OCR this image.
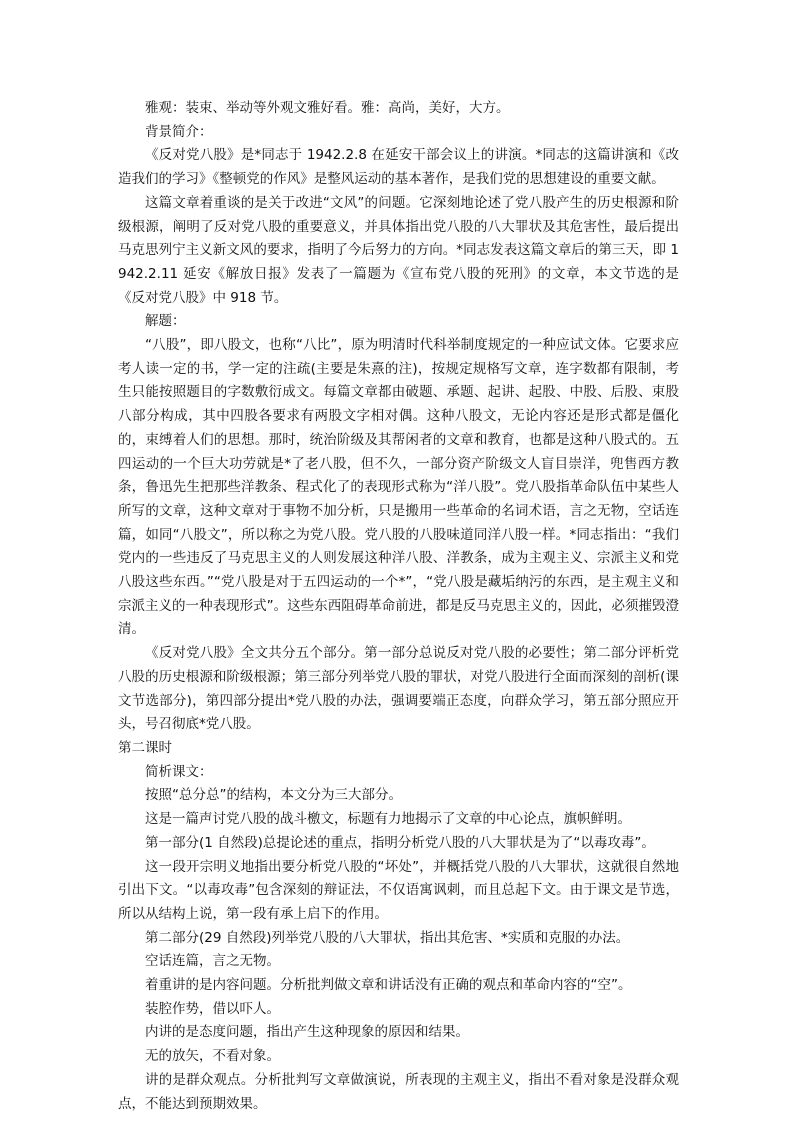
雅观：装束、举动等外观文雅好看。雅：高尚，美好，大方。

背景简介：

《反对党八股》是*同志于 1942.2.8 在延安干部会议上的讲演。*同志的这篇讲演和《改造我们的学习》《整顿党的作风》是整风运动的基本著作，是我们党的思想建设的重要文献。

这篇文章着重谈的是关于改进“文风”的问题。它深刻地论述了党八股产生的历史根源和阶级根源，阐明了反对党八股的重要意义，并具体指出党八股的八大罪状及其危害性，最后提出马克思列宁主义新文风的要求，指明了今后努力的方向。*同志发表这篇文章后的第三天，即 1942.2.11 延安《解放日报》发表了一篇题为《宣布党八股的死刑》的文章，本文节选的是《反对党八股》中 918 节。

解题：

“八股”，即八股文，也称“八比”，原为明清时代科举制度规定的一种应试文体。它要求应考人读一定的书，学一定的注疏(主要是朱熹的注)，按规定规格写文章，连字数都有限制，考生只能按照题目的字数敷衍成文。每篇文章都由破题、承题、起讲、起股、中股、后股、束股八部分构成，其中四股各要求有两股文字相对偶。这种八股文，无论内容还是形式都是僵化的，束缚着人们的思想。那时，统治阶级及其帮闲者的文章和教育，也都是这种八股式的。五四运动的一个巨大功劳就是*了老八股，但不久，一部分资产阶级文人盲目崇洋，兜售西方教条，鲁迅先生把那些洋教条、程式化了的表现形式称为“洋八股”。党八股指革命队伍中某些人所写的文章，这种文章对于事物不加分析，只是搬用一些革命的名词术语，言之无物，空话连篇，如同“八股文”，所以称之为党八股。党八股的八股味道同洋八股一样。*同志指出：“我们党内的一些违反了马克思主义的人则发展这种洋八股、洋教条，成为主观主义、宗派主义和党八股这些东西。”“党八股是对于五四运动的一个*”，“党八股是藏垢纳污的东西，是主观主义和宗派主义的一种表现形式”。这些东西阻碍革命前进，都是反马克思主义的，因此，必须摧毁澄清。

《反对党八股》全文共分五个部分。第一部分总说反对党八股的必要性；第二部分评析党八股的历史根源和阶级根源；第三部分列举党八股的罪状，对党八股进行全面而深刻的剖析(课文节选部分)，第四部分提出*党八股的办法，强调要端正态度，向群众学习，第五部分照应开头，号召彻底*党八股。

第二课时

简析课文：

按照“总分总”的结构，本文分为三大部分。

这是一篇声讨党八股的战斗檄文，标题有力地揭示了文章的中心论点，旗帜鲜明。

第一部分(1 自然段)总提论述的重点，指明分析党八股的八大罪状是为了“以毒攻毒”。

这一段开宗明义地指出要分析党八股的“坏处”，并概括党八股的八大罪状，这就很自然地引出下文。“以毒攻毒”包含深刻的辩证法，不仅语寓讽刺，而且总起下文。由于课文是节选，所以从结构上说，第一段有承上启下的作用。

第二部分(29 自然段)列举党八股的八大罪状，指出其危害、*实质和克服的办法。

空话连篇，言之无物。

着重讲的是内容问题。分析批判做文章和讲话没有正确的观点和革命内容的“空”。

装腔作势，借以吓人。

内讲的是态度问题，指出产生这种现象的原因和结果。

无的放矢，不看对象。

讲的是群众观点。分析批判写文章做演说，所表现的主观主义，指出不看对象是没群众观点，不能达到预期效果。
